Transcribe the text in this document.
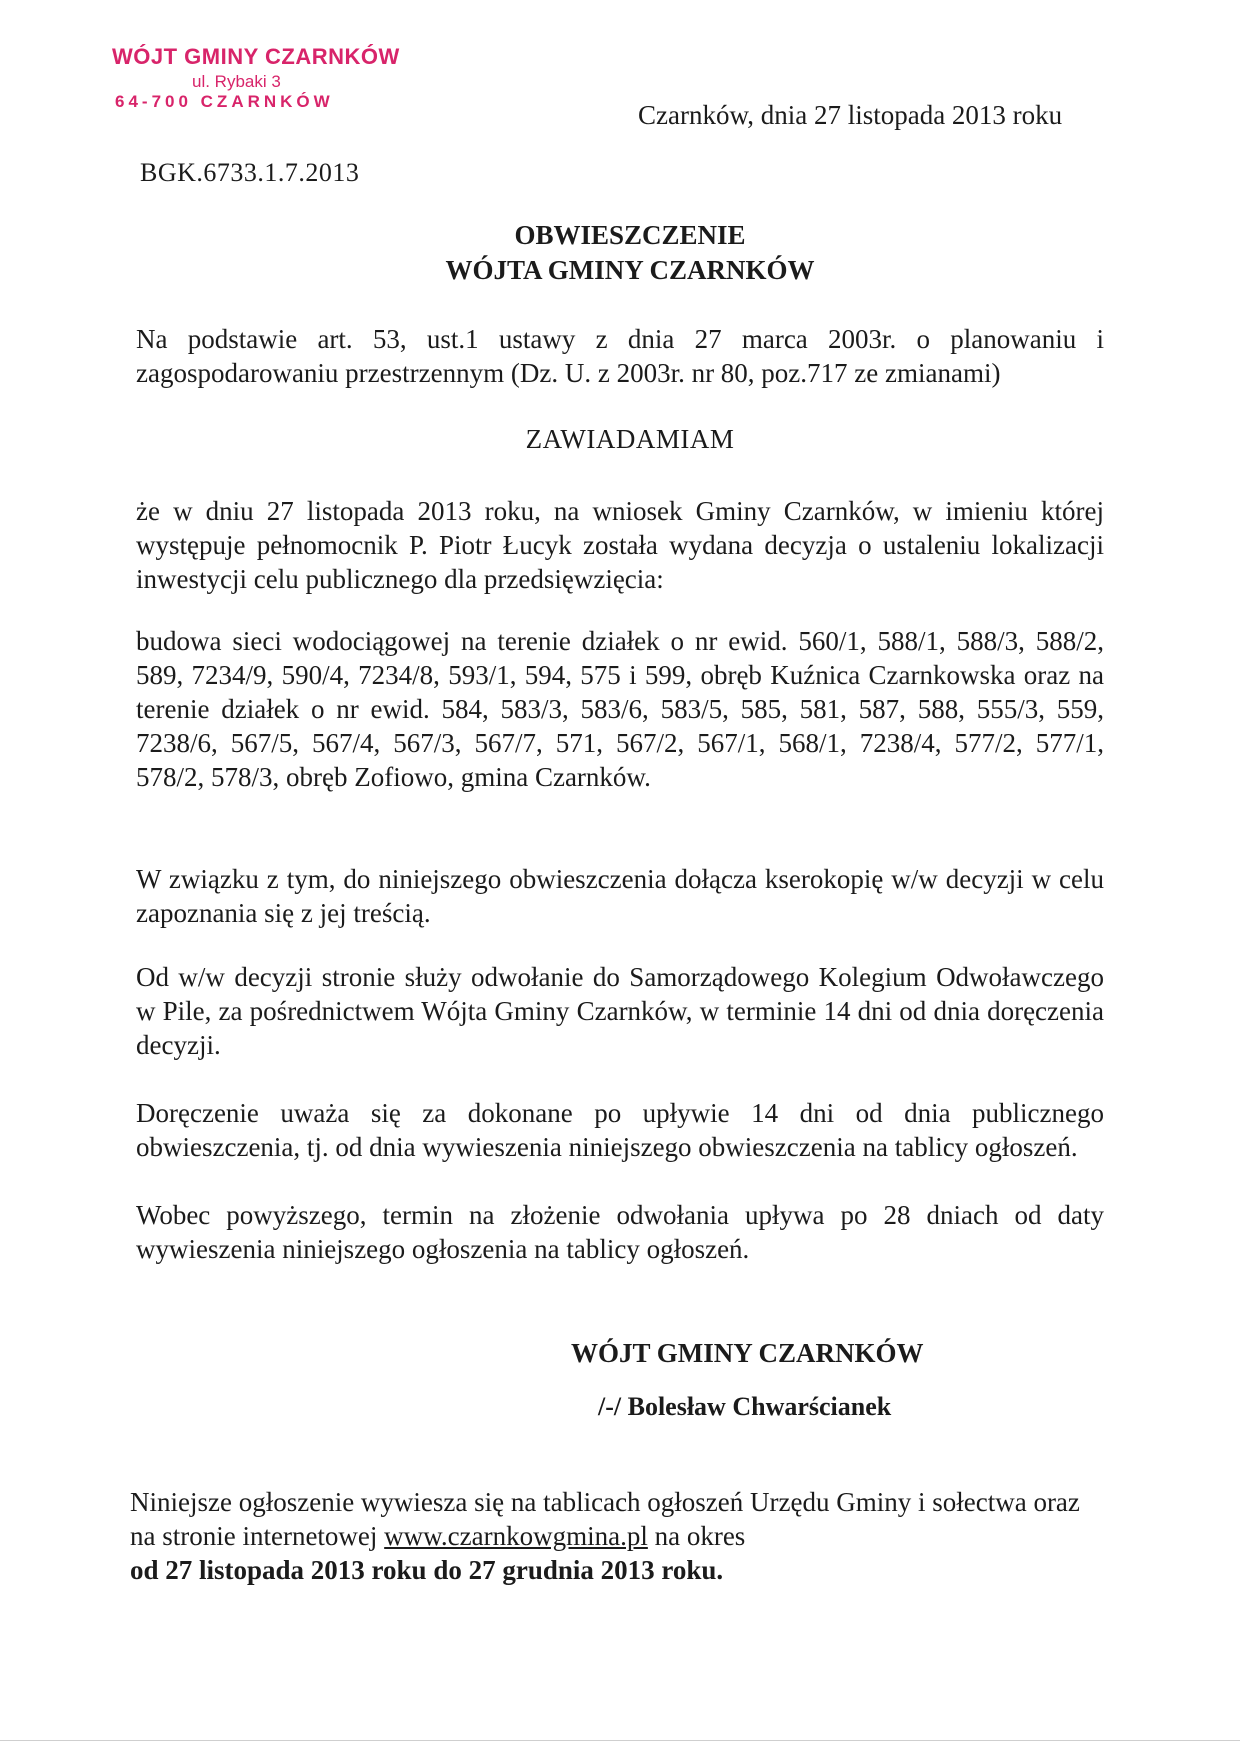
WÓJT GMINY CZARNKÓW
ul. Rybaki 3
64-700 CZARNKÓW	Czarnków, dnia 27 listopada 2013 roku
BGK.6733.1.7.2013
OBWIESZCZENIE
WÓJTA GMINY CZARNKÓW
Na podstawie art. 53, ust.1 ustawy z dnia 27 marca 2003r. o planowaniu i zagospodarowaniu przestrzennym (Dz. U. z 2003r. nr 80, poz.717 ze zmianami)
ZAWIADAMIAM
że w dniu 27 listopada 2013 roku, na wniosek Gminy Czarnków, w imieniu której występuje pełnomocnik P. Piotr Łucyk została wydana decyzja o ustaleniu lokalizacji inwestycji celu publicznego dla przedsięwzięcia:
budowa sieci wodociągowej na terenie działek o nr ewid. 560/1, 588/1, 588/3, 588/2, 589, 7234/9, 590/4, 7234/8, 593/1, 594, 575 i 599, obręb Kuźnica Czarnkowska oraz na terenie działek o nr ewid. 584, 583/3, 583/6, 583/5, 585, 581, 587, 588, 555/3, 559, 7238/6, 567/5, 567/4, 567/3, 567/7, 571, 567/2, 567/1, 568/1, 7238/4, 577/2, 577/1, 578/2, 578/3, obręb Zofiowo, gmina Czarnków.
W związku z tym, do niniejszego obwieszczenia dołącza kserokopię w/w decyzji w celu zapoznania się z jej treścią.
Od w/w decyzji stronie służy odwołanie do Samorządowego Kolegium Odwoławczego w Pile, za pośrednictwem Wójta Gminy Czarnków, w terminie 14 dni od dnia doręczenia decyzji.
Doręczenie uważa się za dokonane po upływie 14 dni od dnia publicznego obwieszczenia, tj. od dnia wywieszenia niniejszego obwieszczenia na tablicy ogłoszeń.
Wobec powyższego, termin na złożenie odwołania upływa po 28 dniach od daty wywieszenia niniejszego ogłoszenia na tablicy ogłoszeń.
WÓJT GMINY CZARNKÓW
/-/ Bolesław Chwarścianek
Niniejsze ogłoszenie wywiesza się na tablicach ogłoszeń Urzędu Gminy i sołectwa oraz na stronie internetowej www.czarnkowgmina.pl na okres
od 27 listopada 2013 roku do 27 grudnia 2013 roku.
